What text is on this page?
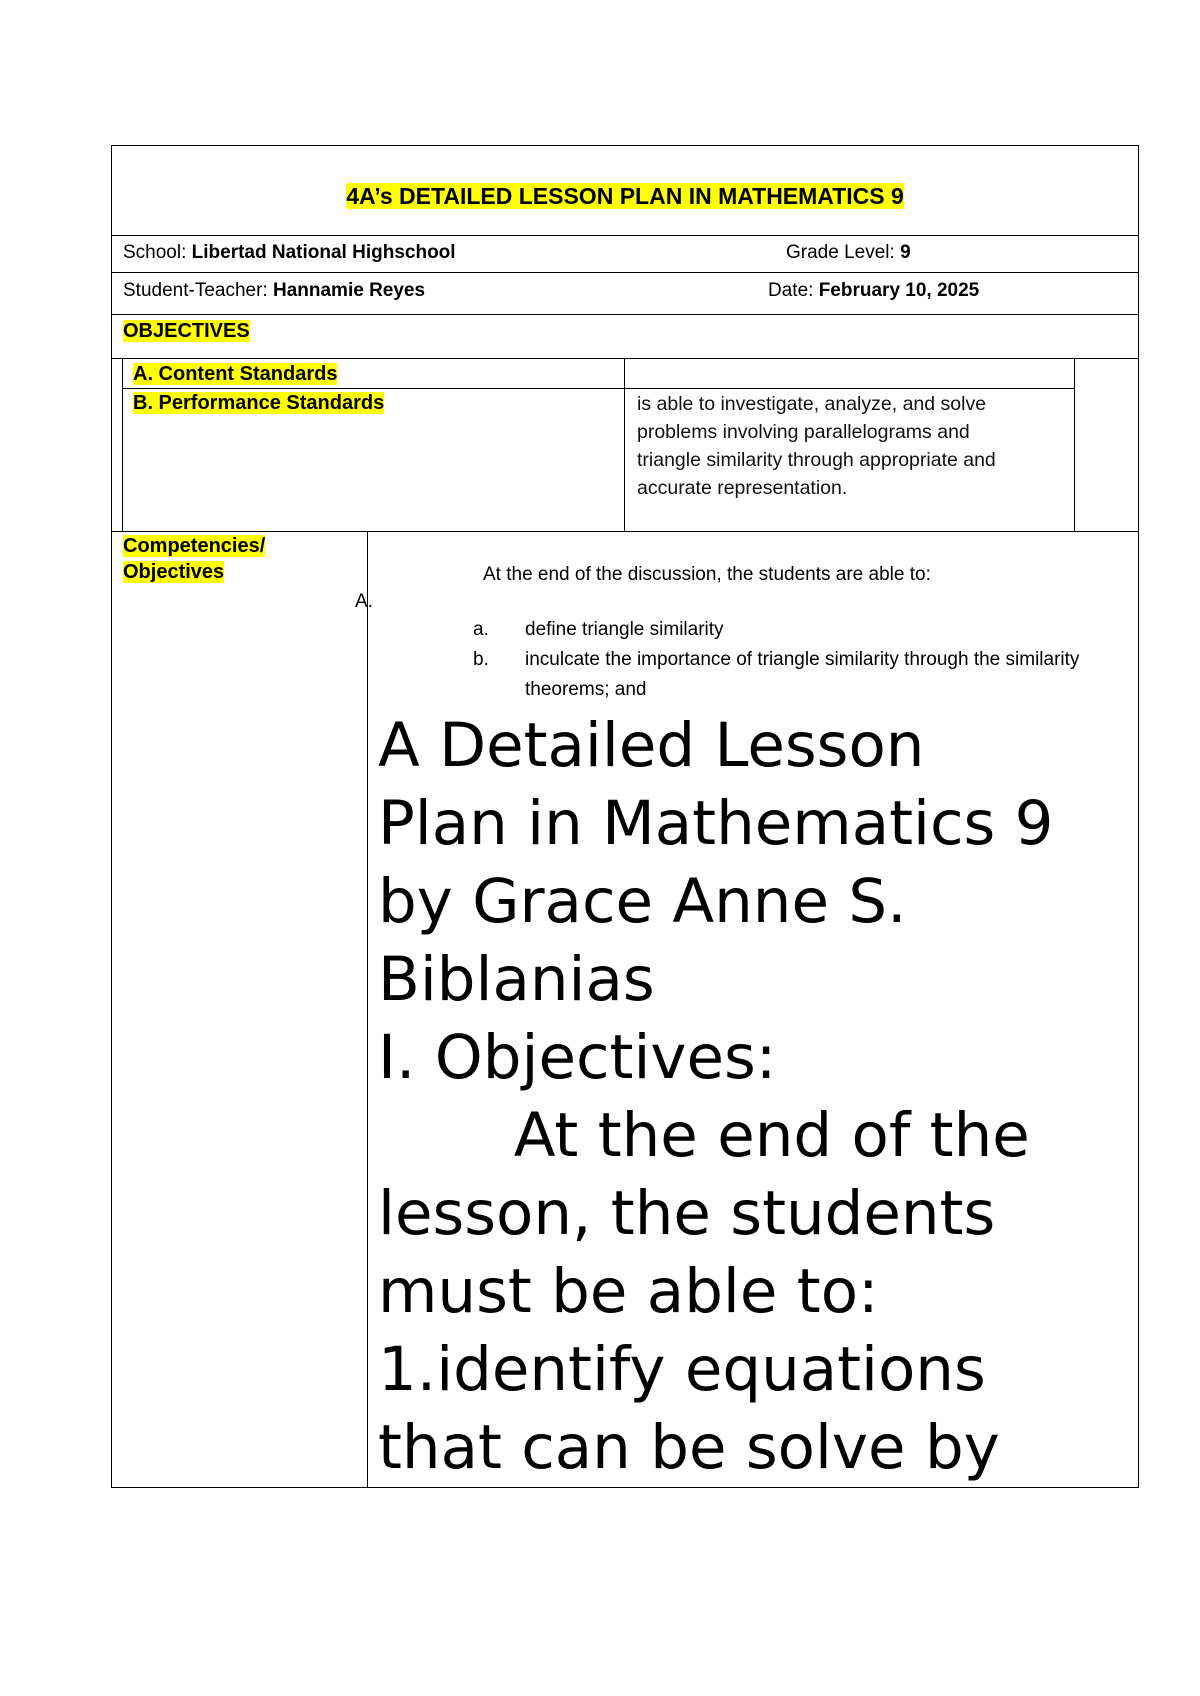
4A’s DETAILED LESSON PLAN IN MATHEMATICS 9
School: Libertad National Highschool	Grade Level: 9
Student-Teacher: Hannamie Reyes	Date: February 10, 2025
OBJECTIVES
A. Content Standards
B. Performance Standards	is able to investigate, analyze, and solve problems involving parallelograms and triangle similarity through appropriate and accurate representation.
Competencies/
Objectives	At the end of the discussion, the students are able to:
A.
a. define triangle similarity
b. inculcate the importance of triangle similarity through the similarity theorems; and
A Detailed Lesson
Plan in Mathematics 9
by Grace Anne S.
Biblanias
I. Objectives:
At the end of the
lesson, the students
must be able to:
1.identify equations
that can be solve by
